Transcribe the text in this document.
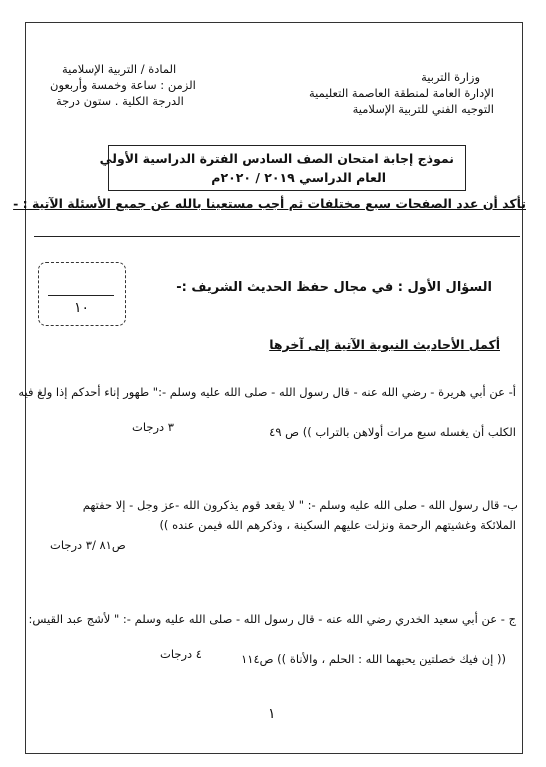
وزارة التربية
الإدارة العامة لمنطقة العاصمة التعليمية
التوجيه الفني للتربية الإسلامية
المادة / التربية الإسلامية
الزمن : ساعة وخمسة وأربعون
الدرجة الكلية . ستون درجة
نموذج إجابة امتحان الصف السادس الفترة الدراسية الأولي
العام الدراسي ٢٠١٩ / ٢٠٢٠م
تأكد أن عدد الصفحات سبع مختلفات ثم أجب مستعينا بالله عن جميع الأسئلة الآتية : -
١٠
السؤال الأول : في مجال حفظ الحديث الشريف :-
أكمل الأحاديث النبوية الآتية إلى آخرها
أ- عن أبي هريرة - رضي الله عنه - قال رسول الله - صلى الله عليه وسلم -:" طهور إناء أحدكم إذا ولغ فيه
الكلب أن يغسله سبع مرات أولاهن بالتراب )) ص ٤٩
٣ درجات
ب- قال رسول الله - صلى الله عليه وسلم -: " لا يقعد قوم يذكرون الله -عز وجل - إلا حفتهم
الملائكة وغشيتهم الرحمة ونزلت عليهم السكينة ، وذكرهم الله فيمن عنده ))
ص٨١ /٣ درجات
ج - عن أبي سعيد الخدري رضي الله عنه - قال رسول الله - صلى الله عليه وسلم -: " لأشج عبد القيس:
(( إن فيك خصلتين يحبهما الله : الحلم ، والأناة )) ص١١٤
٤ درجات
١
